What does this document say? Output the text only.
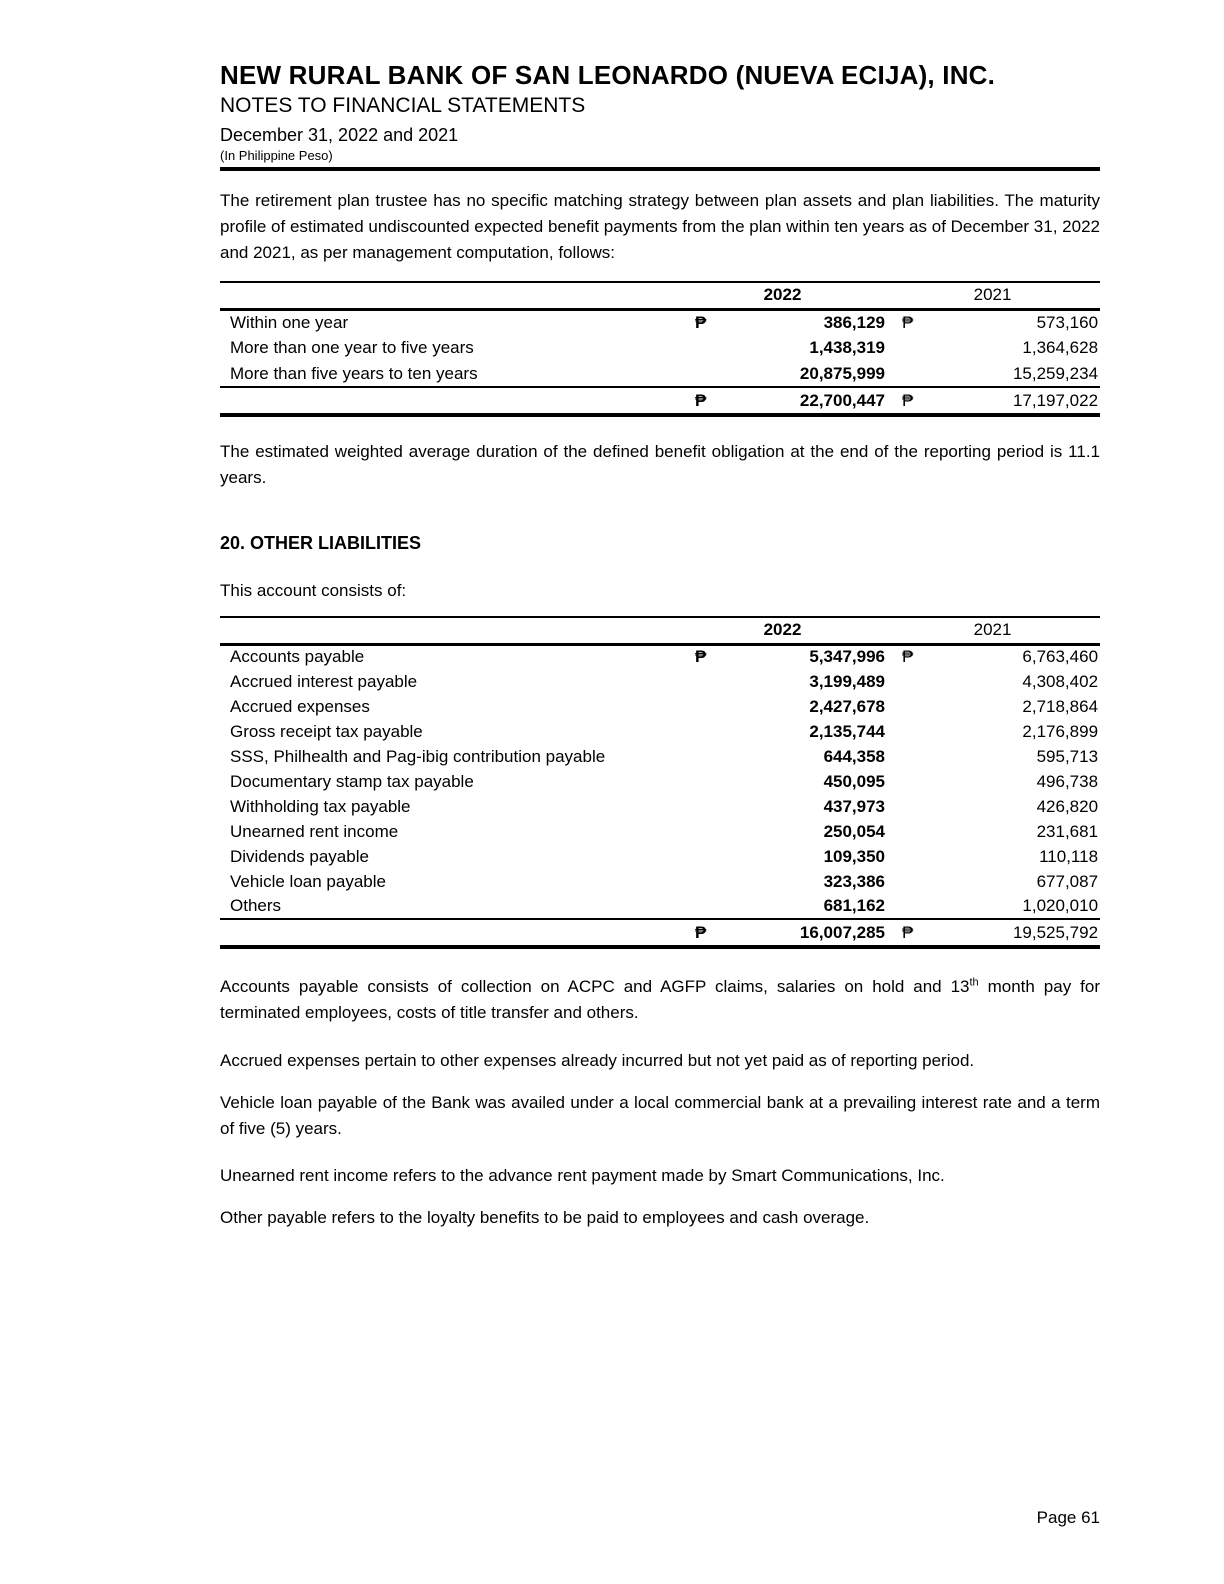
NEW RURAL BANK OF SAN LEONARDO (NUEVA ECIJA), INC.
NOTES TO FINANCIAL STATEMENTS
December 31, 2022 and 2021
(In Philippine Peso)

The retirement plan trustee has no specific matching strategy between plan assets and plan liabilities. The maturity profile of estimated undiscounted expected benefit payments from the plan within ten years as of December 31, 2022 and 2021, as per management computation, follows:

	2022		2021	
Within one year	₱	386,129	₱	573,160
More than one year to five years		1,438,319		1,364,628
More than five years to ten years		20,875,999		15,259,234
	₱	22,700,447	₱	17,197,022

The estimated weighted average duration of the defined benefit obligation at the end of the reporting period is 11.1 years.

20. OTHER LIABILITIES

This account consists of:

	2022		2021	
Accounts payable	₱	5,347,996	₱	6,763,460
Accrued interest payable		3,199,489		4,308,402
Accrued expenses		2,427,678		2,718,864
Gross receipt tax payable		2,135,744		2,176,899
SSS, Philhealth and Pag-ibig contribution payable		644,358		595,713
Documentary stamp tax payable		450,095		496,738
Withholding tax payable		437,973		426,820
Unearned rent income		250,054		231,681
Dividends payable		109,350		110,118
Vehicle loan payable		323,386		677,087
Others		681,162		1,020,010
	₱	16,007,285	₱	19,525,792

Accounts payable consists of collection on ACPC and AGFP claims, salaries on hold and 13th month pay for terminated employees, costs of title transfer and others.

Accrued expenses pertain to other expenses already incurred but not yet paid as of reporting period.

Vehicle loan payable of the Bank was availed under a local commercial bank at a prevailing interest rate and a term of five (5) years.

Unearned rent income refers to the advance rent payment made by Smart Communications, Inc.

Other payable refers to the loyalty benefits to be paid to employees and cash overage.

Page 61
